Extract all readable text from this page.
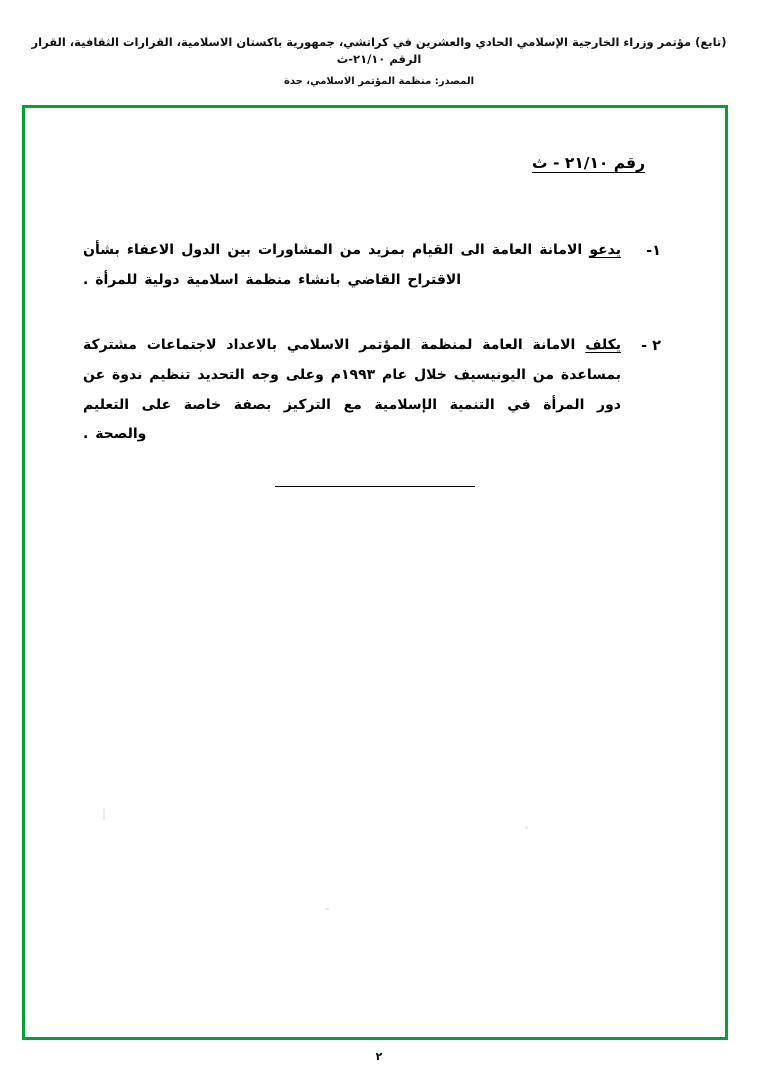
(تابع) مؤتمر وزراء الخارجية الإسلامي الحادي والعشرين في كراتشي، جمهورية باكستان الاسلامية، القرارات الثقافية، القرار الرقم ٢١/١٠-ث
المصدر: منظمة المؤتمر الاسلامي، جدة
رقم ٢١/١٠ - ث
١-
يدعو الامانة العامة الى القيام بمزيد من المشاورات بين الدول الاعفاء بشأن الاقتراح القاضي بانشاء منظمة اسلامية دولية للمرأة .
٢ -
يكلف الامانة العامة لمنظمة المؤتمر الاسلامي بالاعداد لاجتماعات مشتركة بمساعدة من اليونيسيف خلال عام ١٩٩٣م وعلى وجه التحديد تنظيم ندوة عن دور المرأة في التنمية الإسلامية مع التركيز بصفة خاصة على التعليم والصحة .
٢
